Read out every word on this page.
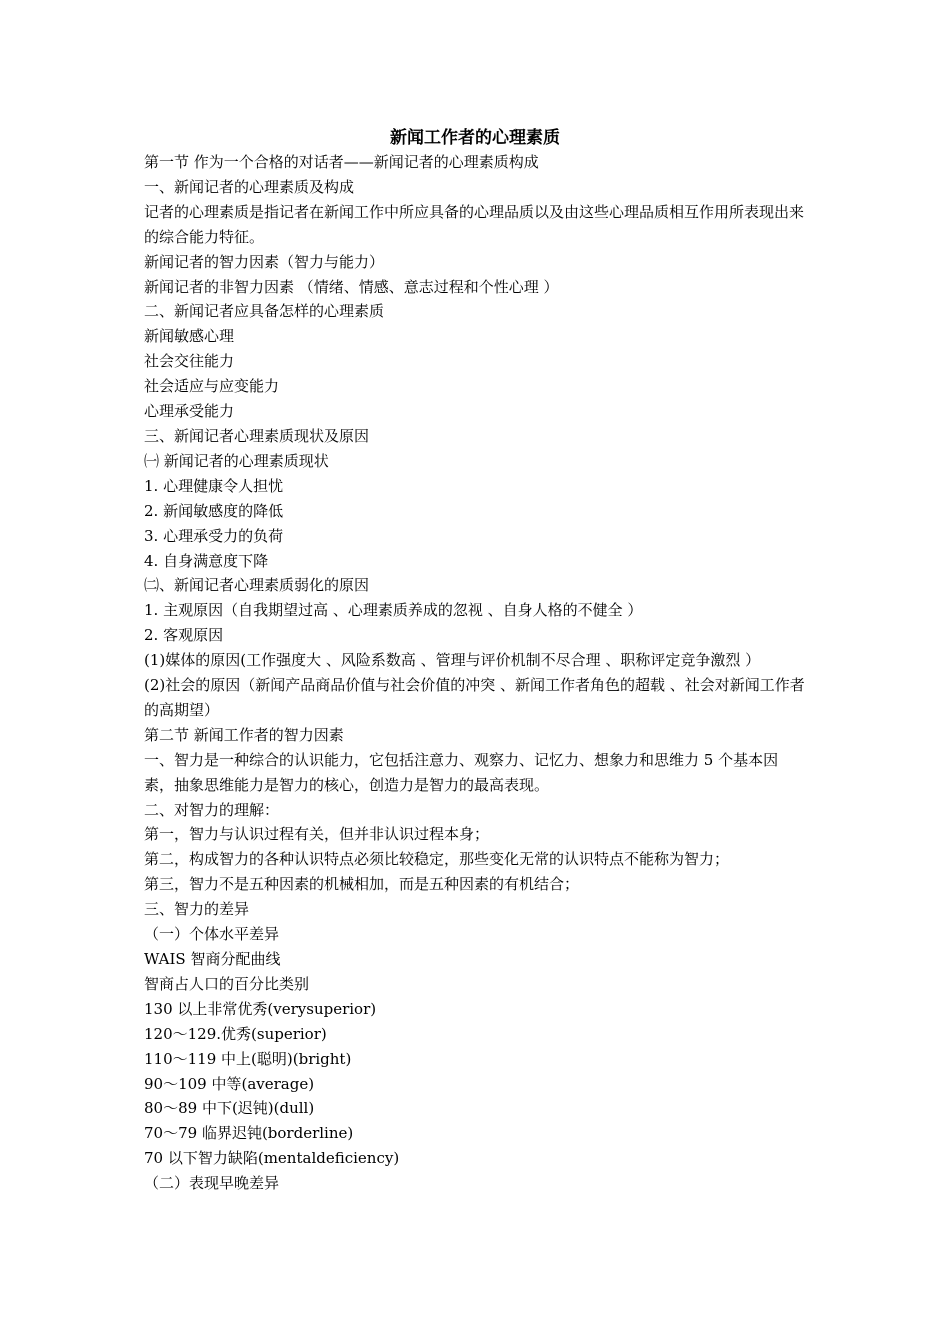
新闻工作者的心理素质

第一节 作为一个合格的对话者——新闻记者的心理素质构成

一、新闻记者的心理素质及构成

记者的心理素质是指记者在新闻工作中所应具备的心理品质以及由这些心理品质相互作用所表现出来的综合能力特征。

新闻记者的智力因素（智力与能力）

新闻记者的非智力因素 （情绪、情感、意志过程和个性心理 ）

二、新闻记者应具备怎样的心理素质

新闻敏感心理

社会交往能力

社会适应与应变能力

心理承受能力

三、新闻记者心理素质现状及原因

㈠ 新闻记者的心理素质现状

1. 心理健康令人担忧

2. 新闻敏感度的降低

3. 心理承受力的负荷

4. 自身满意度下降

㈡、新闻记者心理素质弱化的原因

1. 主观原因（自我期望过高 、心理素质养成的忽视 、自身人格的不健全 ）

2. 客观原因

(1)媒体的原因(工作强度大 、风险系数高 、管理与评价机制不尽合理 、职称评定竞争激烈 ）

(2)社会的原因（新闻产品商品价值与社会价值的冲突 、新闻工作者角色的超载 、社会对新闻工作者的高期望）

第二节 新闻工作者的智力因素

一、智力是一种综合的认识能力，它包括注意力、观察力、记忆力、想象力和思维力 5 个基本因素，抽象思维能力是智力的核心，创造力是智力的最高表现。

二、对智力的理解：

第一，智力与认识过程有关，但并非认识过程本身；

第二，构成智力的各种认识特点必须比较稳定，那些变化无常的认识特点不能称为智力；

第三，智力不是五种因素的机械相加，而是五种因素的有机结合；

三、智力的差异

（一）个体水平差异

WAIS 智商分配曲线

智商占人口的百分比类别

130 以上非常优秀(verysuperior)

120～129.优秀(superior)

110～119 中上(聪明)(bright)

90～109 中等(average)

80～89 中下(迟钝)(dull)

70～79 临界迟钝(borderline)

70 以下智力缺陷(mentaldeficiency)

（二）表现早晚差异
